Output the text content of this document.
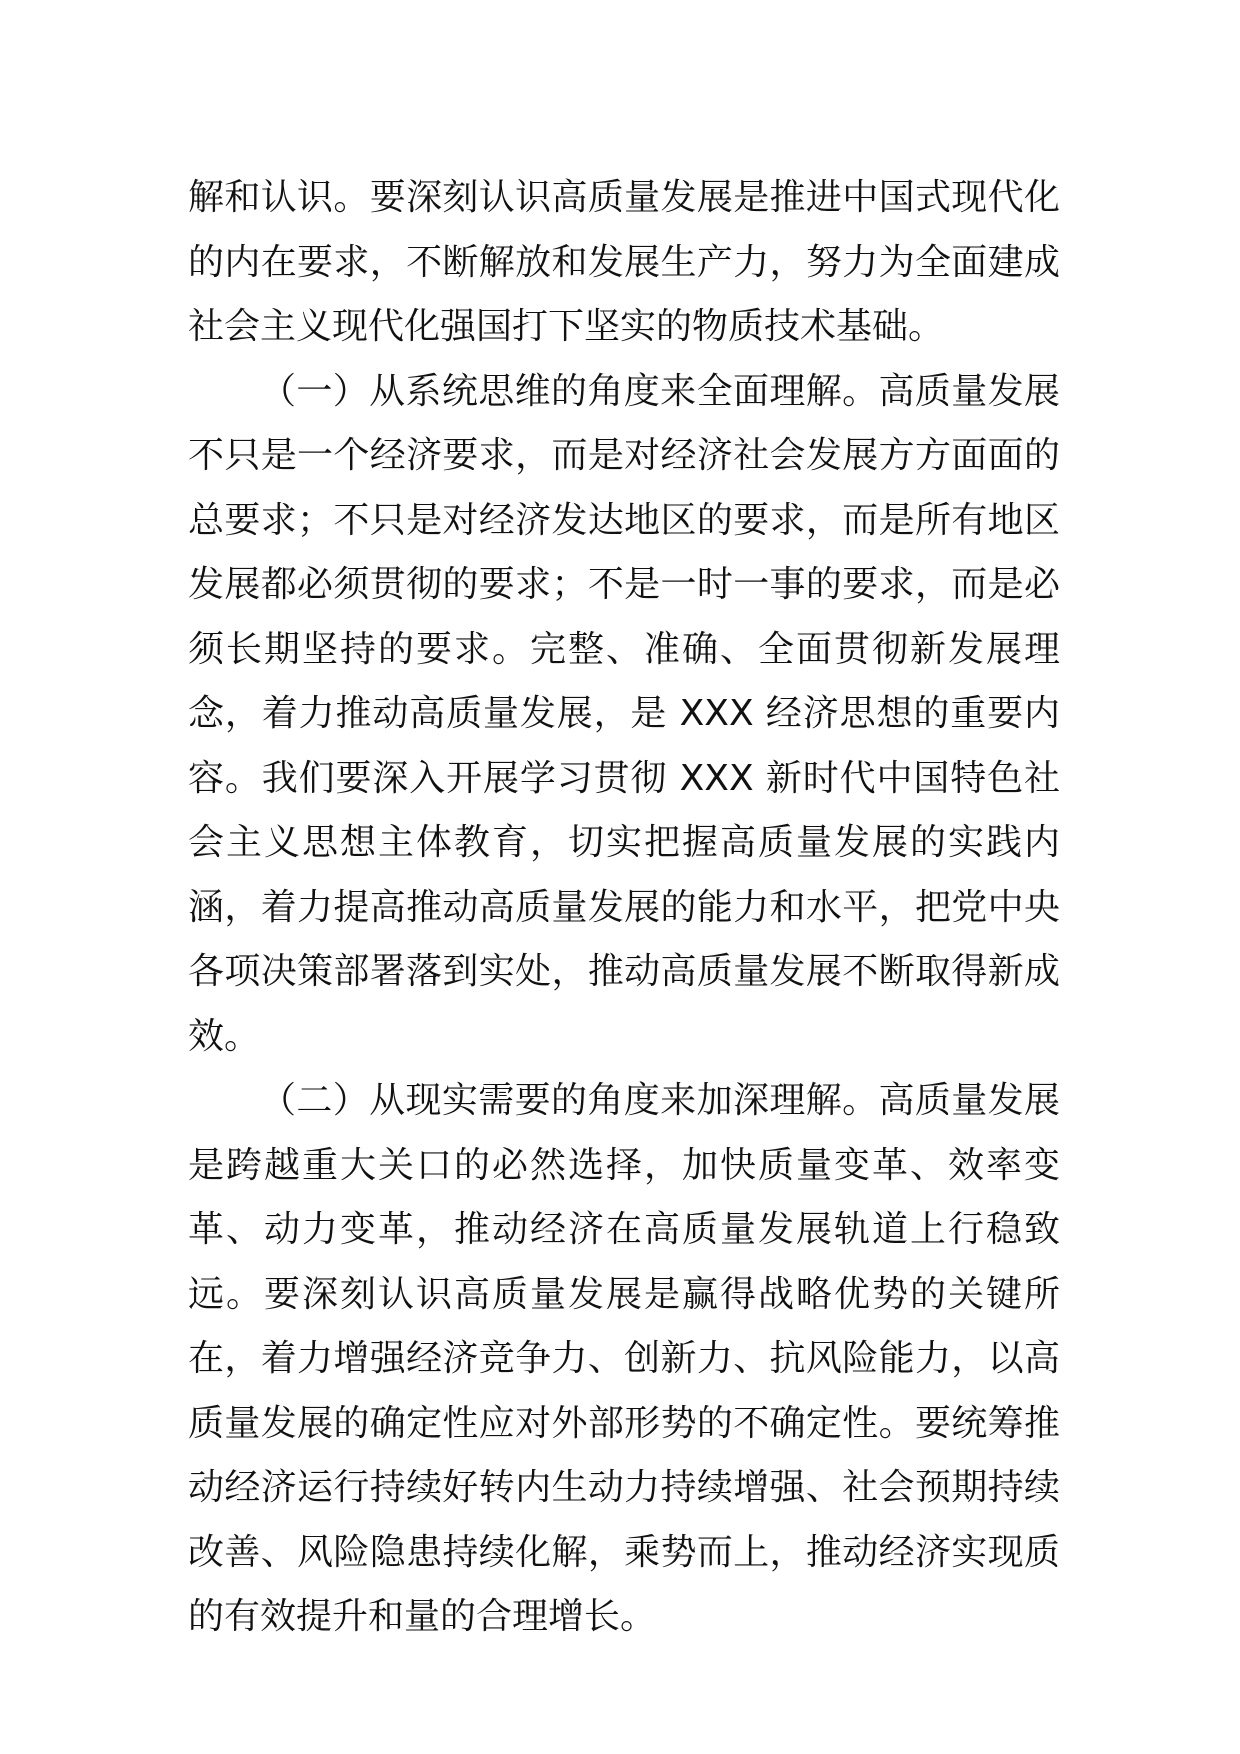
解和认识。要深刻认识高质量发展是推进中国式现代化的内在要求，不断解放和发展生产力，努力为全面建成社会主义现代化强国打下坚实的物质技术基础。

（一）从系统思维的角度来全面理解。高质量发展不只是一个经济要求，而是对经济社会发展方方面面的总要求；不只是对经济发达地区的要求，而是所有地区发展都必须贯彻的要求；不是一时一事的要求，而是必须长期坚持的要求。完整、准确、全面贯彻新发展理念，着力推动高质量发展，是 XXX 经济思想的重要内容。我们要深入开展学习贯彻 XXX 新时代中国特色社会主义思想主体教育，切实把握高质量发展的实践内涵，着力提高推动高质量发展的能力和水平，把党中央各项决策部署落到实处，推动高质量发展不断取得新成效。

（二）从现实需要的角度来加深理解。高质量发展是跨越重大关口的必然选择，加快质量变革、效率变革、动力变革，推动经济在高质量发展轨道上行稳致远。要深刻认识高质量发展是赢得战略优势的关键所在，着力增强经济竞争力、创新力、抗风险能力，以高质量发展的确定性应对外部形势的不确定性。要统筹推动经济运行持续好转内生动力持续增强、社会预期持续改善、风险隐患持续化解，乘势而上，推动经济实现质的有效提升和量的合理增长。
